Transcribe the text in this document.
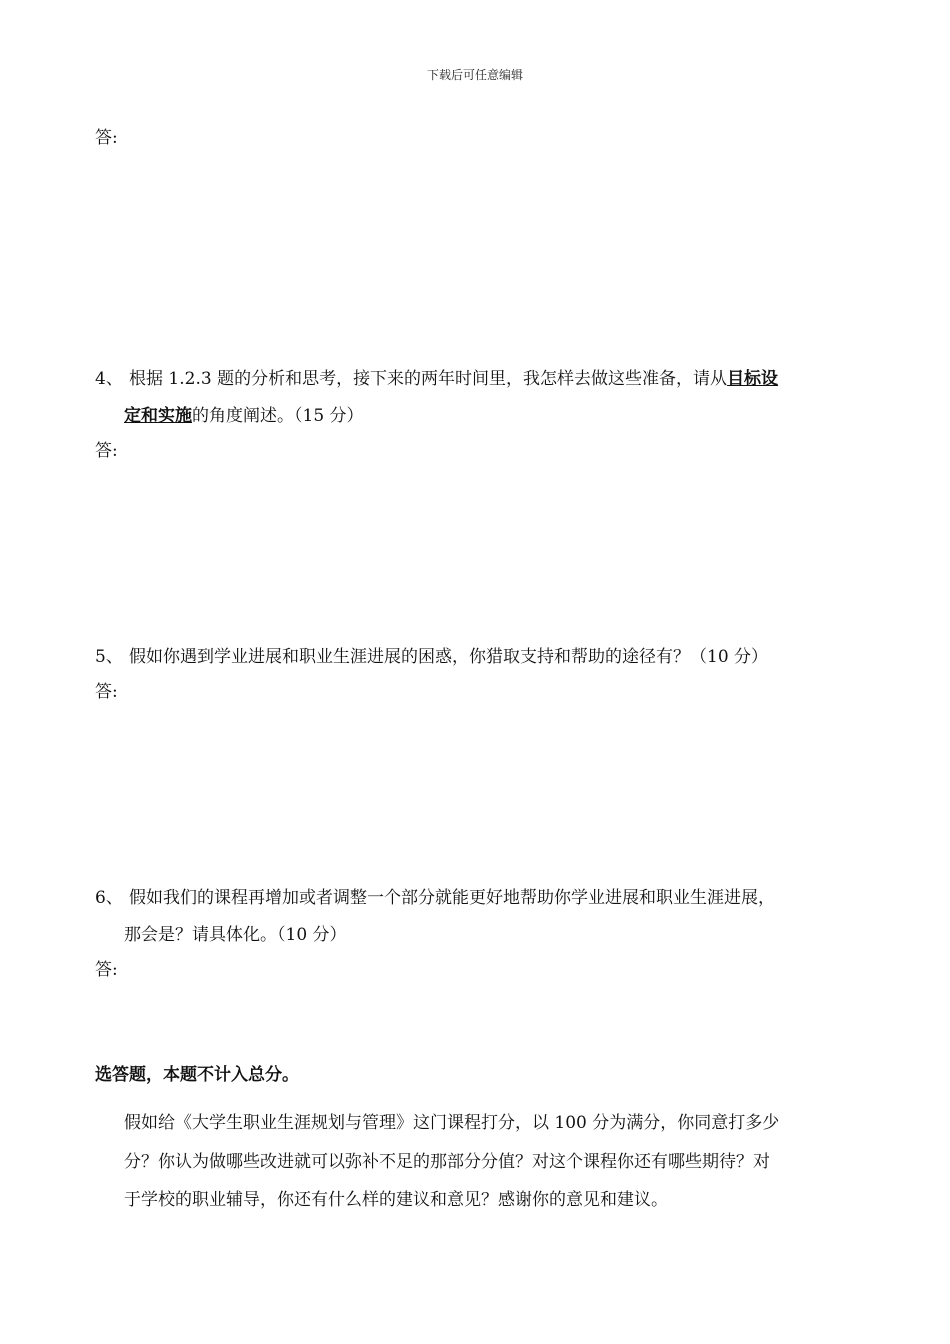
下载后可任意编辑
答:
4、 根据 1.2.3 题的分析和思考，接下来的两年时间里，我怎样去做这些准备，请从目标设
定和实施的角度阐述。（15 分）
答:
5、 假如你遇到学业进展和职业生涯进展的困惑，你猎取支持和帮助的途径有？（10 分）
答:
6、 假如我们的课程再增加或者调整一个部分就能更好地帮助你学业进展和职业生涯进展，
那会是？请具体化。（10 分）
答:
选答题，本题不计入总分。
假如给《大学生职业生涯规划与管理》这门课程打分，以 100 分为满分，你同意打多少
分？你认为做哪些改进就可以弥补不足的那部分分值？对这个课程你还有哪些期待？对
于学校的职业辅导，你还有什么样的建议和意见？感谢你的意见和建议。
